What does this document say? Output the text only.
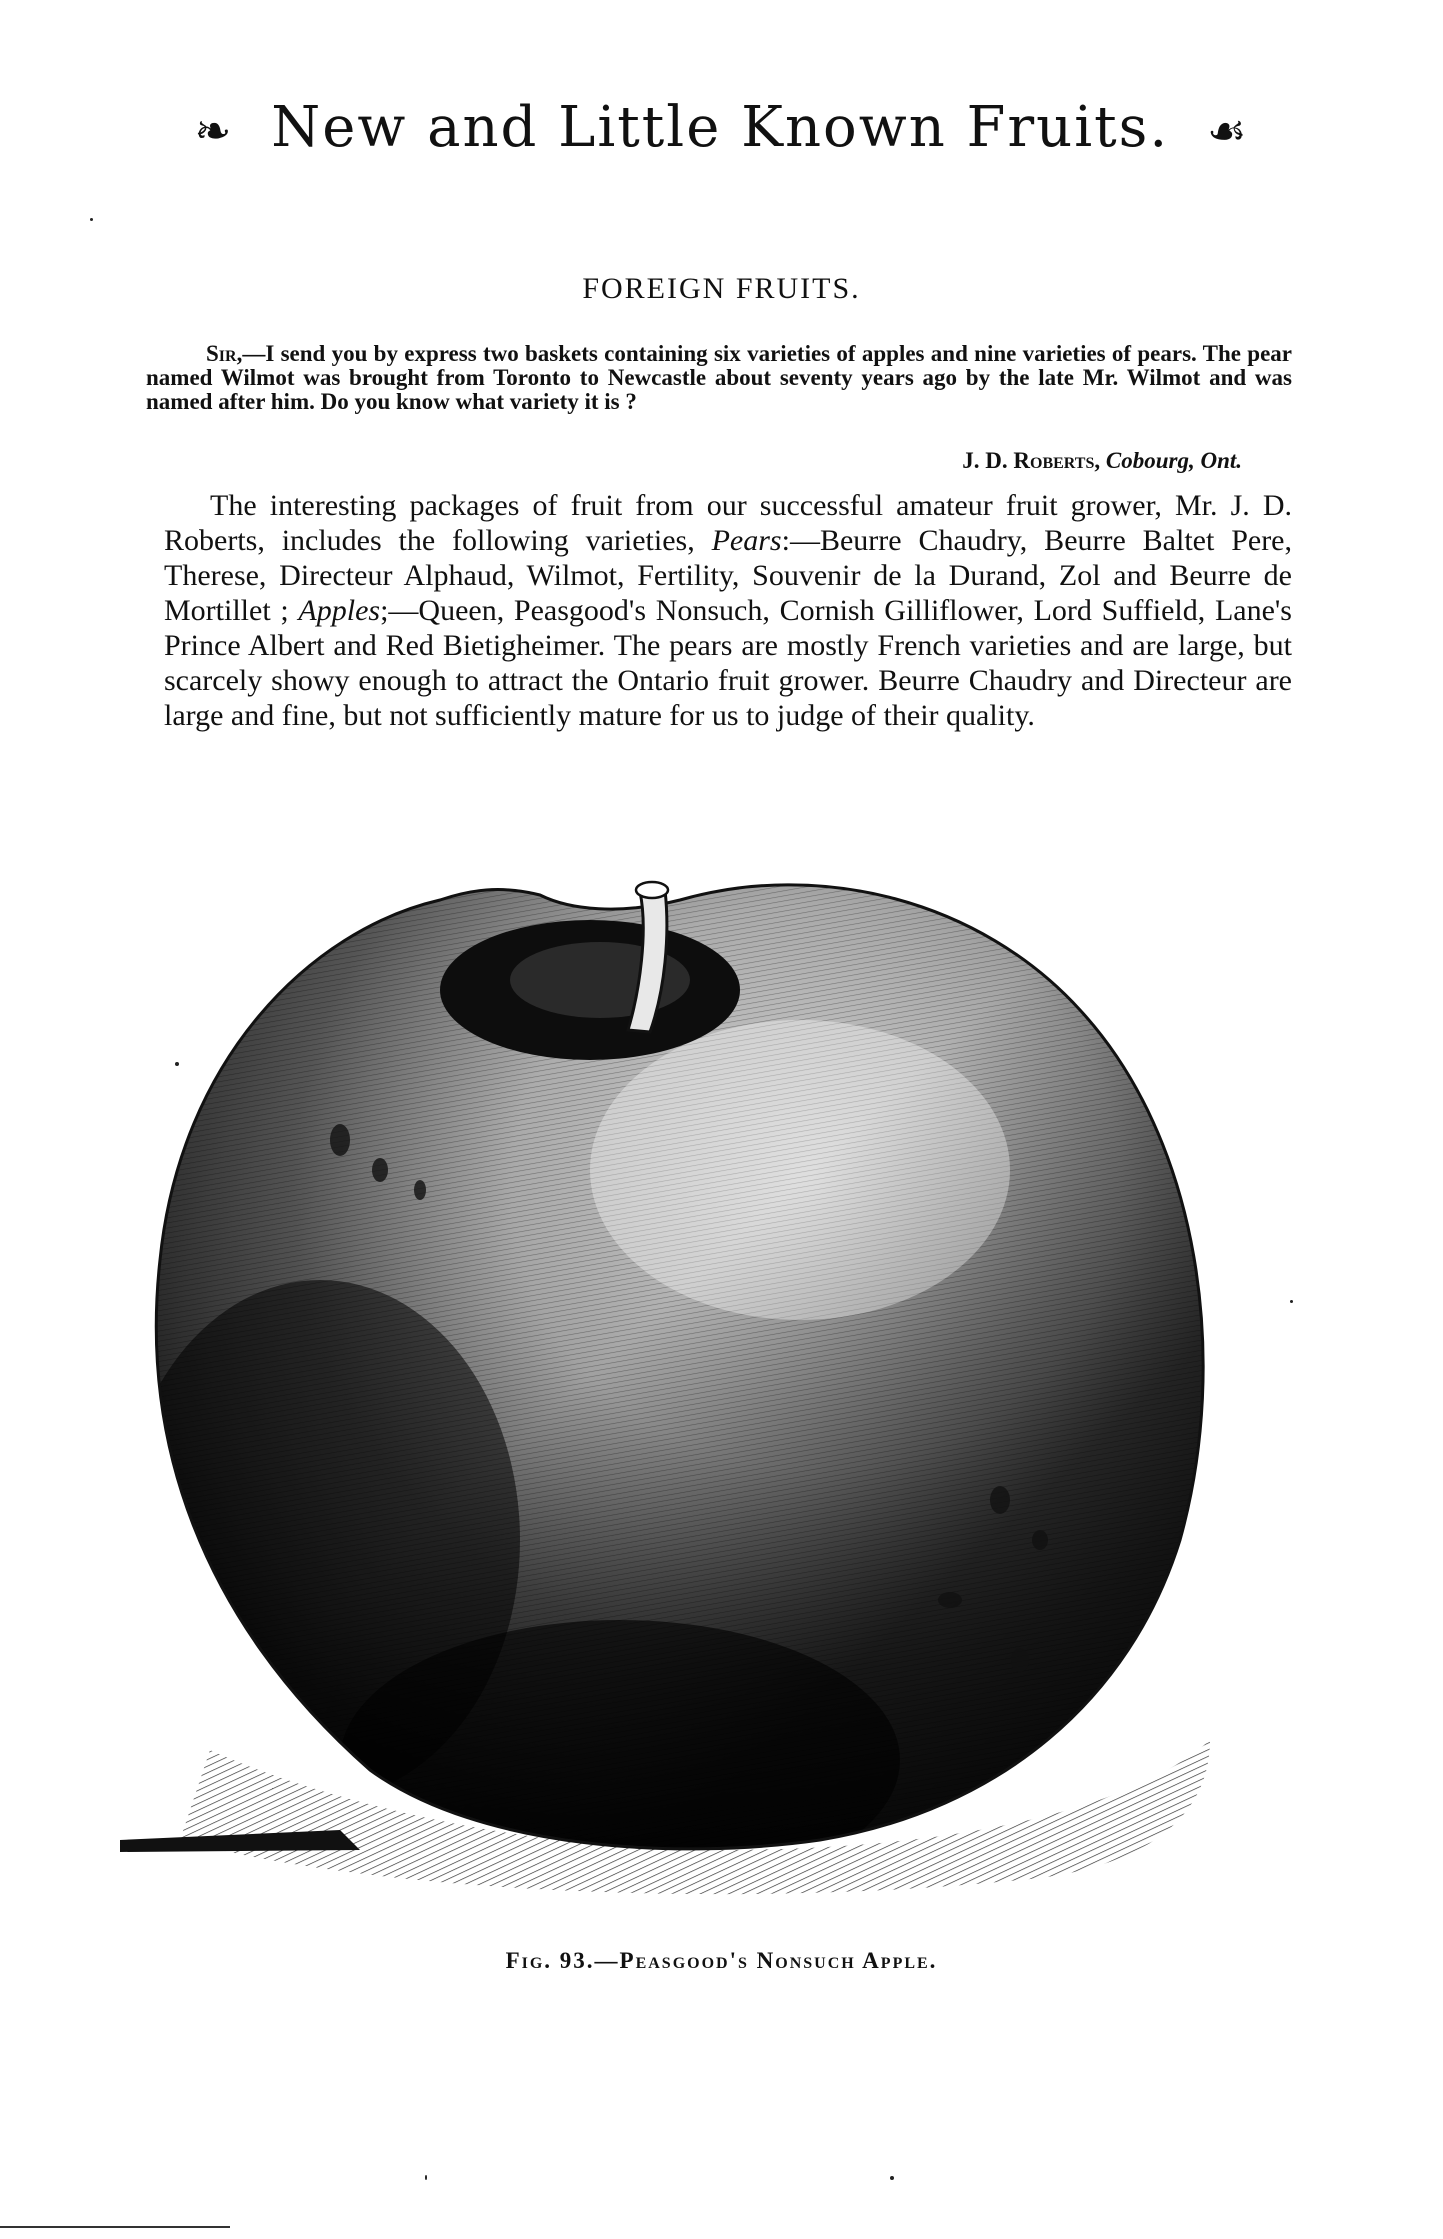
❧ New and Little Known Fruits. ☙
FOREIGN FRUITS.
Sir,—I send you by express two baskets containing six varieties of apples and nine varieties of pears. The pear named Wilmot was brought from Toronto to Newcastle about seventy years ago by the late Mr. Wilmot and was named after him. Do you know what variety it is ?
J. D. Roberts, Cobourg, Ont.

The interesting packages of fruit from our successful amateur fruit grower, Mr. J. D. Roberts, includes the following varieties, Pears:—Beurre Chaudry, Beurre Baltet Pere, Therese, Directeur Alphaud, Wilmot, Fertility, Souvenir de la Durand, Zol and Beurre de Mortillet ; Apples;—Queen, Peasgood's Nonsuch, Cornish Gilliflower, Lord Suffield, Lane's Prince Albert and Red Bietigheimer. The pears are mostly French varieties and are large, but scarcely showy enough to attract the Ontario fruit grower. Beurre Chaudry and Directeur are large and fine, but not sufficiently mature for us to judge of their quality.

Fig. 93.—Peasgood's Nonsuch Apple.
